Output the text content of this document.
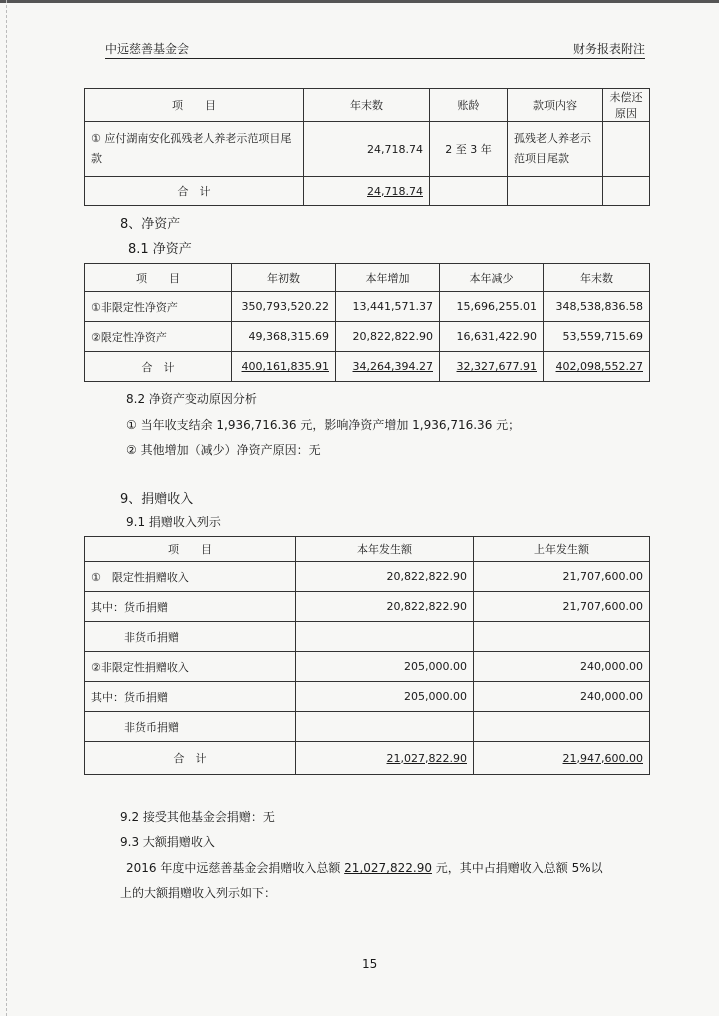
中远慈善基金会	财务报表附注
项　　目	年末数	账龄	款项内容	未偿还原因
① 应付湖南安化孤残老人养老示范项目尾款	24,718.74	2 至 3 年	孤残老人养老示范项目尾款	
合　计	24,718.74			
8、净资产
8.1 净资产
项　　目	年初数	本年增加	本年减少	年末数
①非限定性净资产	350,793,520.22	13,441,571.37	15,696,255.01	348,538,836.58
②限定性净资产	49,368,315.69	20,822,822.90	16,631,422.90	53,559,715.69
合　计	400,161,835.91	34,264,394.27	32,327,677.91	402,098,552.27
8.2 净资产变动原因分析
① 当年收支结余 1,936,716.36 元，影响净资产增加 1,936,716.36 元；
② 其他增加（减少）净资产原因：无
9、捐赠收入
9.1 捐赠收入列示
项　　目	本年发生额	上年发生额
①　限定性捐赠收入	20,822,822.90	21,707,600.00
其中：货币捐赠	20,822,822.90	21,707,600.00
　　　非货币捐赠		
②非限定性捐赠收入	205,000.00	240,000.00
其中：货币捐赠	205,000.00	240,000.00
　　　非货币捐赠		
合　计	21,027,822.90	21,947,600.00
9.2 接受其他基金会捐赠：无
9.3 大额捐赠收入
2016 年度中远慈善基金会捐赠收入总额 21,027,822.90 元，其中占捐赠收入总额 5%以
上的大额捐赠收入列示如下：
15
